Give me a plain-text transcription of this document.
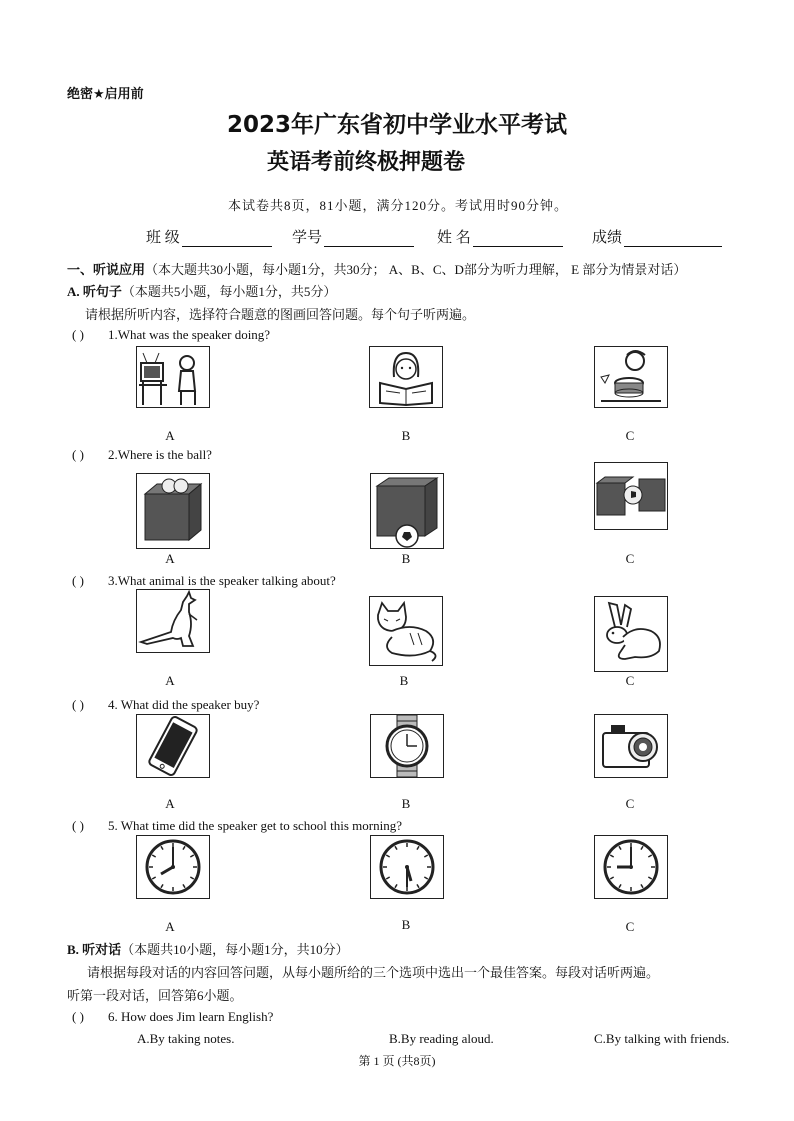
绝密★启用前
2023年广东省初中学业水平考试
英语考前终极押题卷
本试卷共8页，81小题，满分120分。考试用时90分钟。
班 级	学号	姓 名	成绩
一、听说应用（本大题共30小题，每小题1分，共30分； A、B、C、D部分为听力理解， E 部分为情景对话）
A. 听句子（本题共5小题，每小题1分，共5分）
请根据所听内容，选择符合题意的图画回答问题。每个句子听两遍。
( ) 1.What was the speaker doing?
A	B	C
( ) 2.Where is the ball?
A	B	C
( ) 3.What animal is the speaker talking about?
A	B	C
( ) 4. What did the speaker buy?
A	B	C
( ) 5. What time did the speaker get to school this morning?
A	B	C
B. 听对话（本题共10小题，每小题1分，共10分）
请根据每段对话的内容回答问题，从每小题所给的三个选项中选出一个最佳答案。每段对话听两遍。
听第一段对话，回答第6小题。
( ) 6. How does Jim learn English?
A.By taking notes.	B.By reading aloud.	C.By talking with friends.
第 1 页 (共8页)
